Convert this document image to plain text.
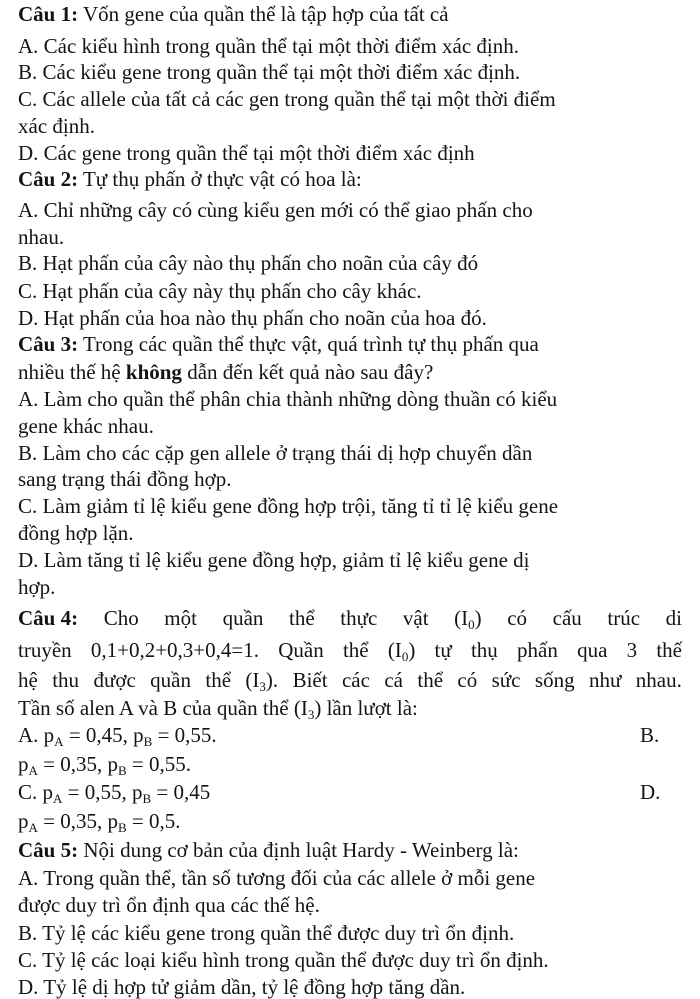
Câu 1: Vốn gene của quần thể là tập hợp của tất cả
A. Các kiểu hình trong quần thể tại một thời điểm xác định.
B. Các kiểu gene trong quần thể tại một thời điểm xác định.
C. Các allele của tất cả các gen trong quần thể tại một thời điểm
xác định.
D. Các gene trong quần thể tại một thời điểm xác định
Câu 2: Tự thụ phấn ở thực vật có hoa là:
A. Chỉ những cây có cùng kiểu gen mới có thể giao phấn cho
nhau.
B. Hạt phấn của cây nào thụ phấn cho noãn của cây đó
C. Hạt phấn của cây này thụ phấn cho cây khác.
D. Hạt phấn của hoa nào thụ phấn cho noãn của hoa đó.
Câu 3: Trong các quần thể thực vật, quá trình tự thụ phấn qua
nhiều thế hệ không dẫn đến kết quả nào sau đây?
A. Làm cho quần thể phân chia thành những dòng thuần có kiểu
gene khác nhau.
B. Làm cho các cặp gen allele ở trạng thái dị hợp chuyển dần
sang trạng thái đồng hợp.
C. Làm giảm tỉ lệ kiểu gene đồng hợp trội, tăng tỉ tỉ lệ kiểu gene
đồng hợp lặn.
D. Làm tăng tỉ lệ kiểu gene đồng hợp, giảm tỉ lệ kiểu gene dị
hợp.
Câu 4: Cho một quần thể thực vật $(I_0)$ có cấu trúc di
truyền 0,1+0,2+0,3+0,4=1. Quần thể $(I_0)$ tự thụ phấn qua 3 thế
hệ thu được quần thể $(I_3)$. Biết các cá thể có sức sống như nhau.
Tần số alen A và B của quần thể $(I_3)$ lần lượt là:
A. $p_A = 0,45$, $p_B = 0,55$.	B.
$p_A = 0,35$, $p_B = 0,55$.
C. $p_A = 0,55$, $p_B = 0,45$	D.
$p_A = 0,35$, $p_B = 0,5$.
Câu 5: Nội dung cơ bản của định luật Hardy - Weinberg là:
A. Trong quần thể, tần số tương đối của các allele ở mỗi gene
được duy trì ổn định qua các thế hệ.
B. Tỷ lệ các kiểu gene trong quần thể được duy trì ổn định.
C. Tỷ lệ các loại kiểu hình trong quần thể được duy trì ổn định.
D. Tỷ lệ dị hợp tử giảm dần, tỷ lệ đồng hợp tăng dần.
